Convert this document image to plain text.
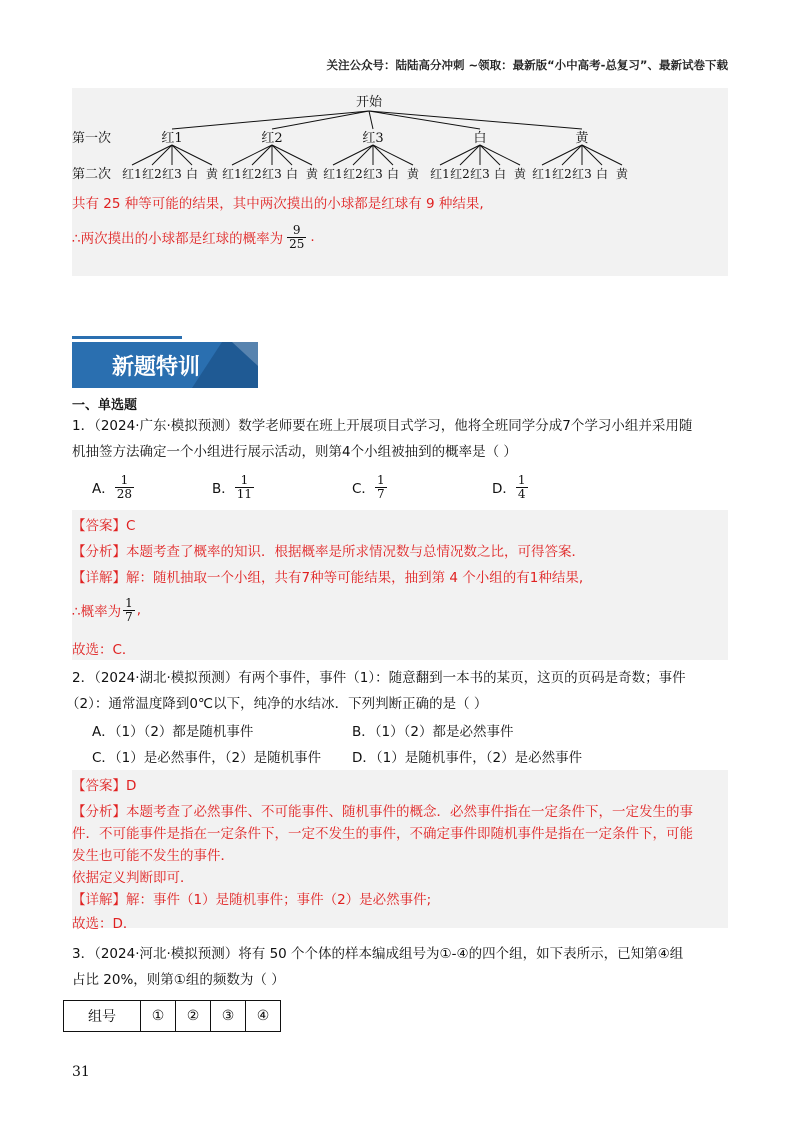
关注公众号：陆陆高分冲刺 ~领取：最新版“小中高考-总复习”、最新试卷下载
开始
第一次
第二次
红1	红2	红3	白	黄
红1 红2 红3 白 黄 红1 红2 红3 白 黄 红1 红2 红3 白 黄 红1 红2 红3 白 黄 红1 红2 红3 白 黄
共有 25 种等可能的结果，其中两次摸出的小球都是红球有 9 种结果,
∴两次摸出的小球都是红球的概率为 $\frac{9}{25}$ .
新题特训
一、单选题
1．（2024·广东·模拟预测）数学老师要在班上开展项目式学习，他将全班同学分成7个学习小组并采用随
机抽签方法确定一个小组进行展示活动，则第4个小组被抽到的概率是（ ）
A． $\frac{1}{28}$	B． $\frac{1}{11}$	C． $\frac{1}{7}$	D． $\frac{1}{4}$
【答案】C
【分析】本题考查了概率的知识．根据概率是所求情况数与总情况数之比，可得答案．
【详解】解：随机抽取一个小组，共有7种等可能结果，抽到第 4 个小组的有1种结果,
∴概率为 $\frac{1}{7}$ ,
故选：C．
2．（2024·湖北·模拟预测）有两个事件，事件（1）：随意翻到一本书的某页，这页的页码是奇数；事件
（2）：通常温度降到0℃以下，纯净的水结冰．下列判断正确的是（ ）
A．（1）（2）都是随机事件	B．（1）（2）都是必然事件
C．（1）是必然事件，（2）是随机事件 D．（1）是随机事件，（2）是必然事件
【答案】D
【分析】本题考查了必然事件、不可能事件、随机事件的概念．必然事件指在一定条件下，一定发生的事
件．不可能事件是指在一定条件下，一定不发生的事件，不确定事件即随机事件是指在一定条件下，可能
发生也可能不发生的事件．
依据定义判断即可．
【详解】解：事件（1）是随机事件；事件（2）是必然事件;
故选：D．
3．（2024·河北·模拟预测）将有 50 个个体的样本编成组号为①-④的四个组，如下表所示，已知第④组
占比 20%，则第①组的频数为（ ）
组号	①	②	③	④
31
